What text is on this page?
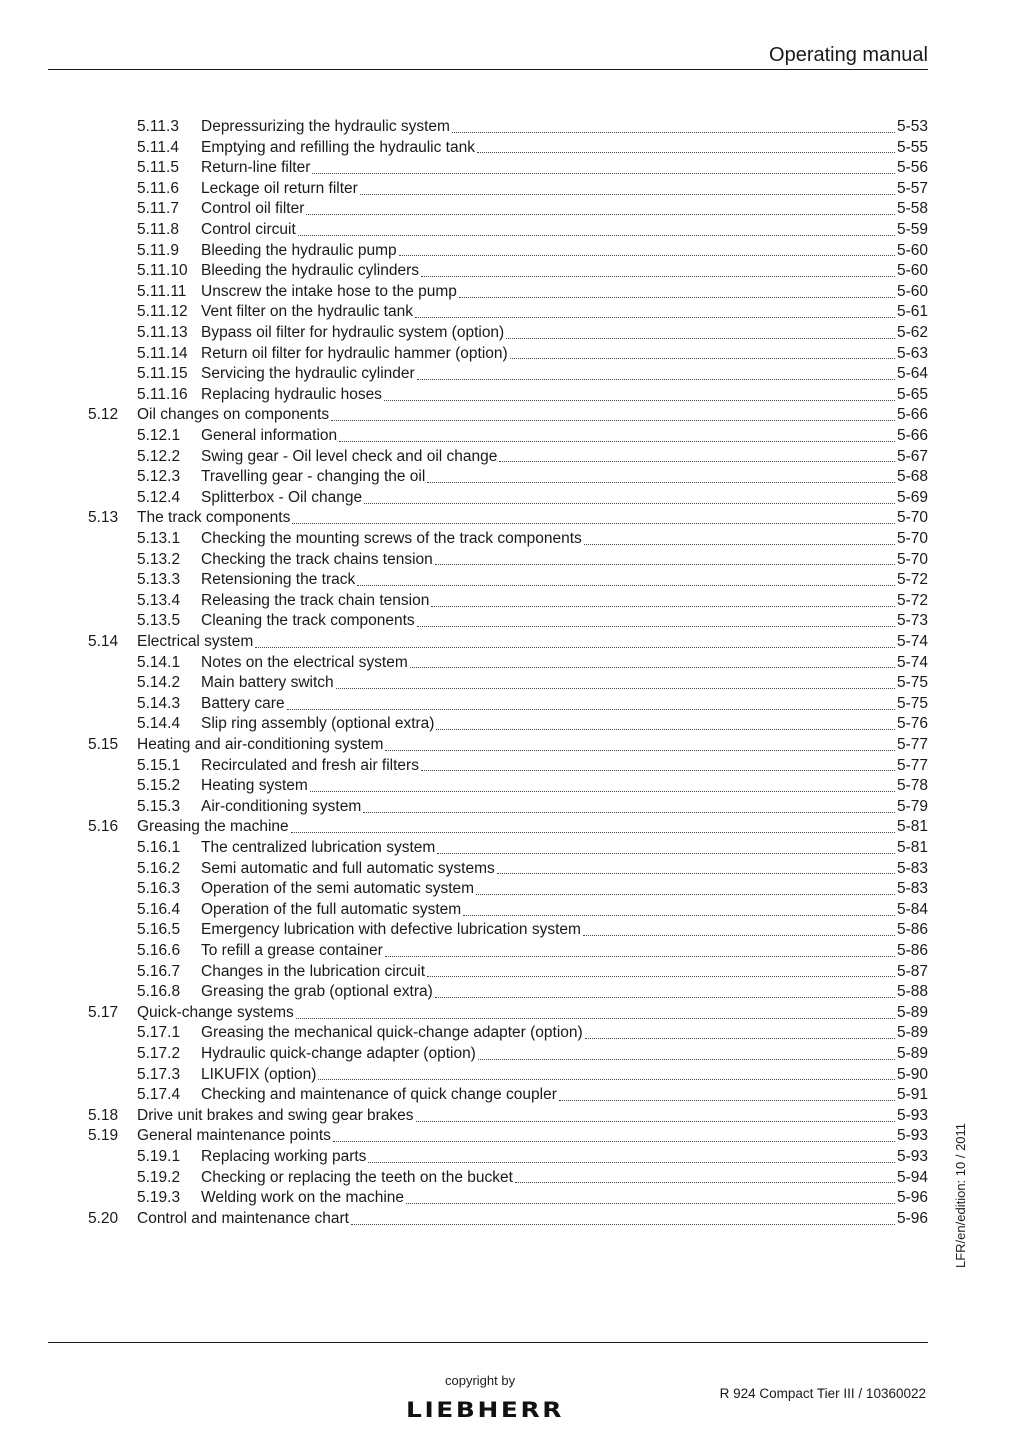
Operating manual
5.11.3	Depressurizing the hydraulic system	5-53
5.11.4	Emptying and refilling the hydraulic tank	5-55
5.11.5	Return-line filter	5-56
5.11.6	Leckage oil return filter	5-57
5.11.7	Control oil filter	5-58
5.11.8	Control circuit	5-59
5.11.9	Bleeding the hydraulic pump	5-60
5.11.10 Bleeding the hydraulic cylinders	5-60
5.11.11 Unscrew the intake hose to the pump	5-60
5.11.12 Vent filter on the hydraulic tank	5-61
5.11.13 Bypass oil filter for hydraulic system (option)	5-62
5.11.14 Return oil filter for hydraulic hammer (option)	5-63
5.11.15 Servicing the hydraulic cylinder	5-64
5.11.16 Replacing hydraulic hoses	5-65
5.12	Oil changes on components	5-66
5.12.1	General information	5-66
5.12.2	Swing gear - Oil level check and oil change	5-67
5.12.3	Travelling gear - changing the oil	5-68
5.12.4	Splitterbox - Oil change	5-69
5.13	The track components	5-70
5.13.1	Checking the mounting screws of the track components	5-70
5.13.2	Checking the track chains tension	5-70
5.13.3	Retensioning the track	5-72
5.13.4	Releasing the track chain tension	5-72
5.13.5	Cleaning the track components	5-73
5.14	Electrical system	5-74
5.14.1	Notes on the electrical system	5-74
5.14.2	Main battery switch	5-75
5.14.3	Battery care	5-75
5.14.4	Slip ring assembly (optional extra)	5-76
5.15	Heating and air-conditioning system	5-77
5.15.1	Recirculated and fresh air filters	5-77
5.15.2	Heating system	5-78
5.15.3	Air-conditioning system	5-79
5.16	Greasing the machine	5-81
5.16.1	The centralized lubrication system	5-81
5.16.2	Semi automatic and full automatic systems	5-83
5.16.3	Operation of the semi automatic system	5-83
5.16.4	Operation of the full automatic system	5-84
5.16.5	Emergency lubrication with defective lubrication system	5-86
5.16.6	To refill a grease container	5-86
5.16.7	Changes in the lubrication circuit	5-87
5.16.8	Greasing the grab (optional extra)	5-88
5.17	Quick-change systems	5-89
5.17.1	Greasing the mechanical quick-change adapter (option)	5-89
5.17.2	Hydraulic quick-change adapter (option)	5-89
5.17.3	LIKUFIX (option)	5-90
5.17.4	Checking and maintenance of quick change coupler	5-91
5.18	Drive unit brakes and swing gear brakes	5-93
5.19	General maintenance points	5-93
5.19.1	Replacing working parts	5-93
5.19.2	Checking or replacing the teeth on the bucket	5-94
5.19.3	Welding work on the machine	5-96
5.20	Control and maintenance chart	5-96 LFR/en/edition: 10 / 2011
copyright by
LIEBHERR
R 924 Compact Tier III / 10360022
